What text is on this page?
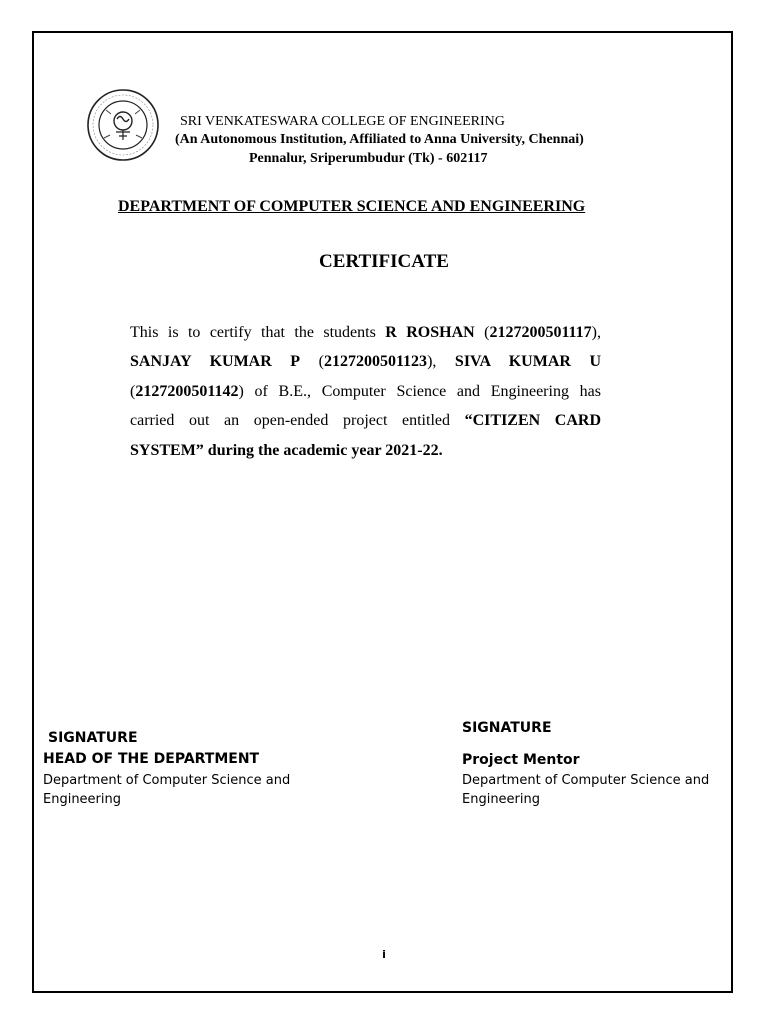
SRI VENKATESWARA COLLEGE OF ENGINEERING
(An Autonomous Institution, Affiliated to Anna University, Chennai)
Pennalur, Sriperumbudur (Tk) - 602117
DEPARTMENT OF COMPUTER SCIENCE AND ENGINEERING
CERTIFICATE
This is to certify that the students R ROSHAN (2127200501117), SANJAY KUMAR P (2127200501123), SIVA KUMAR U (2127200501142) of B.E., Computer Science and Engineering has carried out an open-ended project entitled “CITIZEN CARD SYSTEM” during the academic year 2021-22.
SIGNATURE
HEAD OF THE DEPARTMENT
Department of Computer Science and
Engineering
SIGNATURE
Project Mentor
Department of Computer Science and
Engineering
i
